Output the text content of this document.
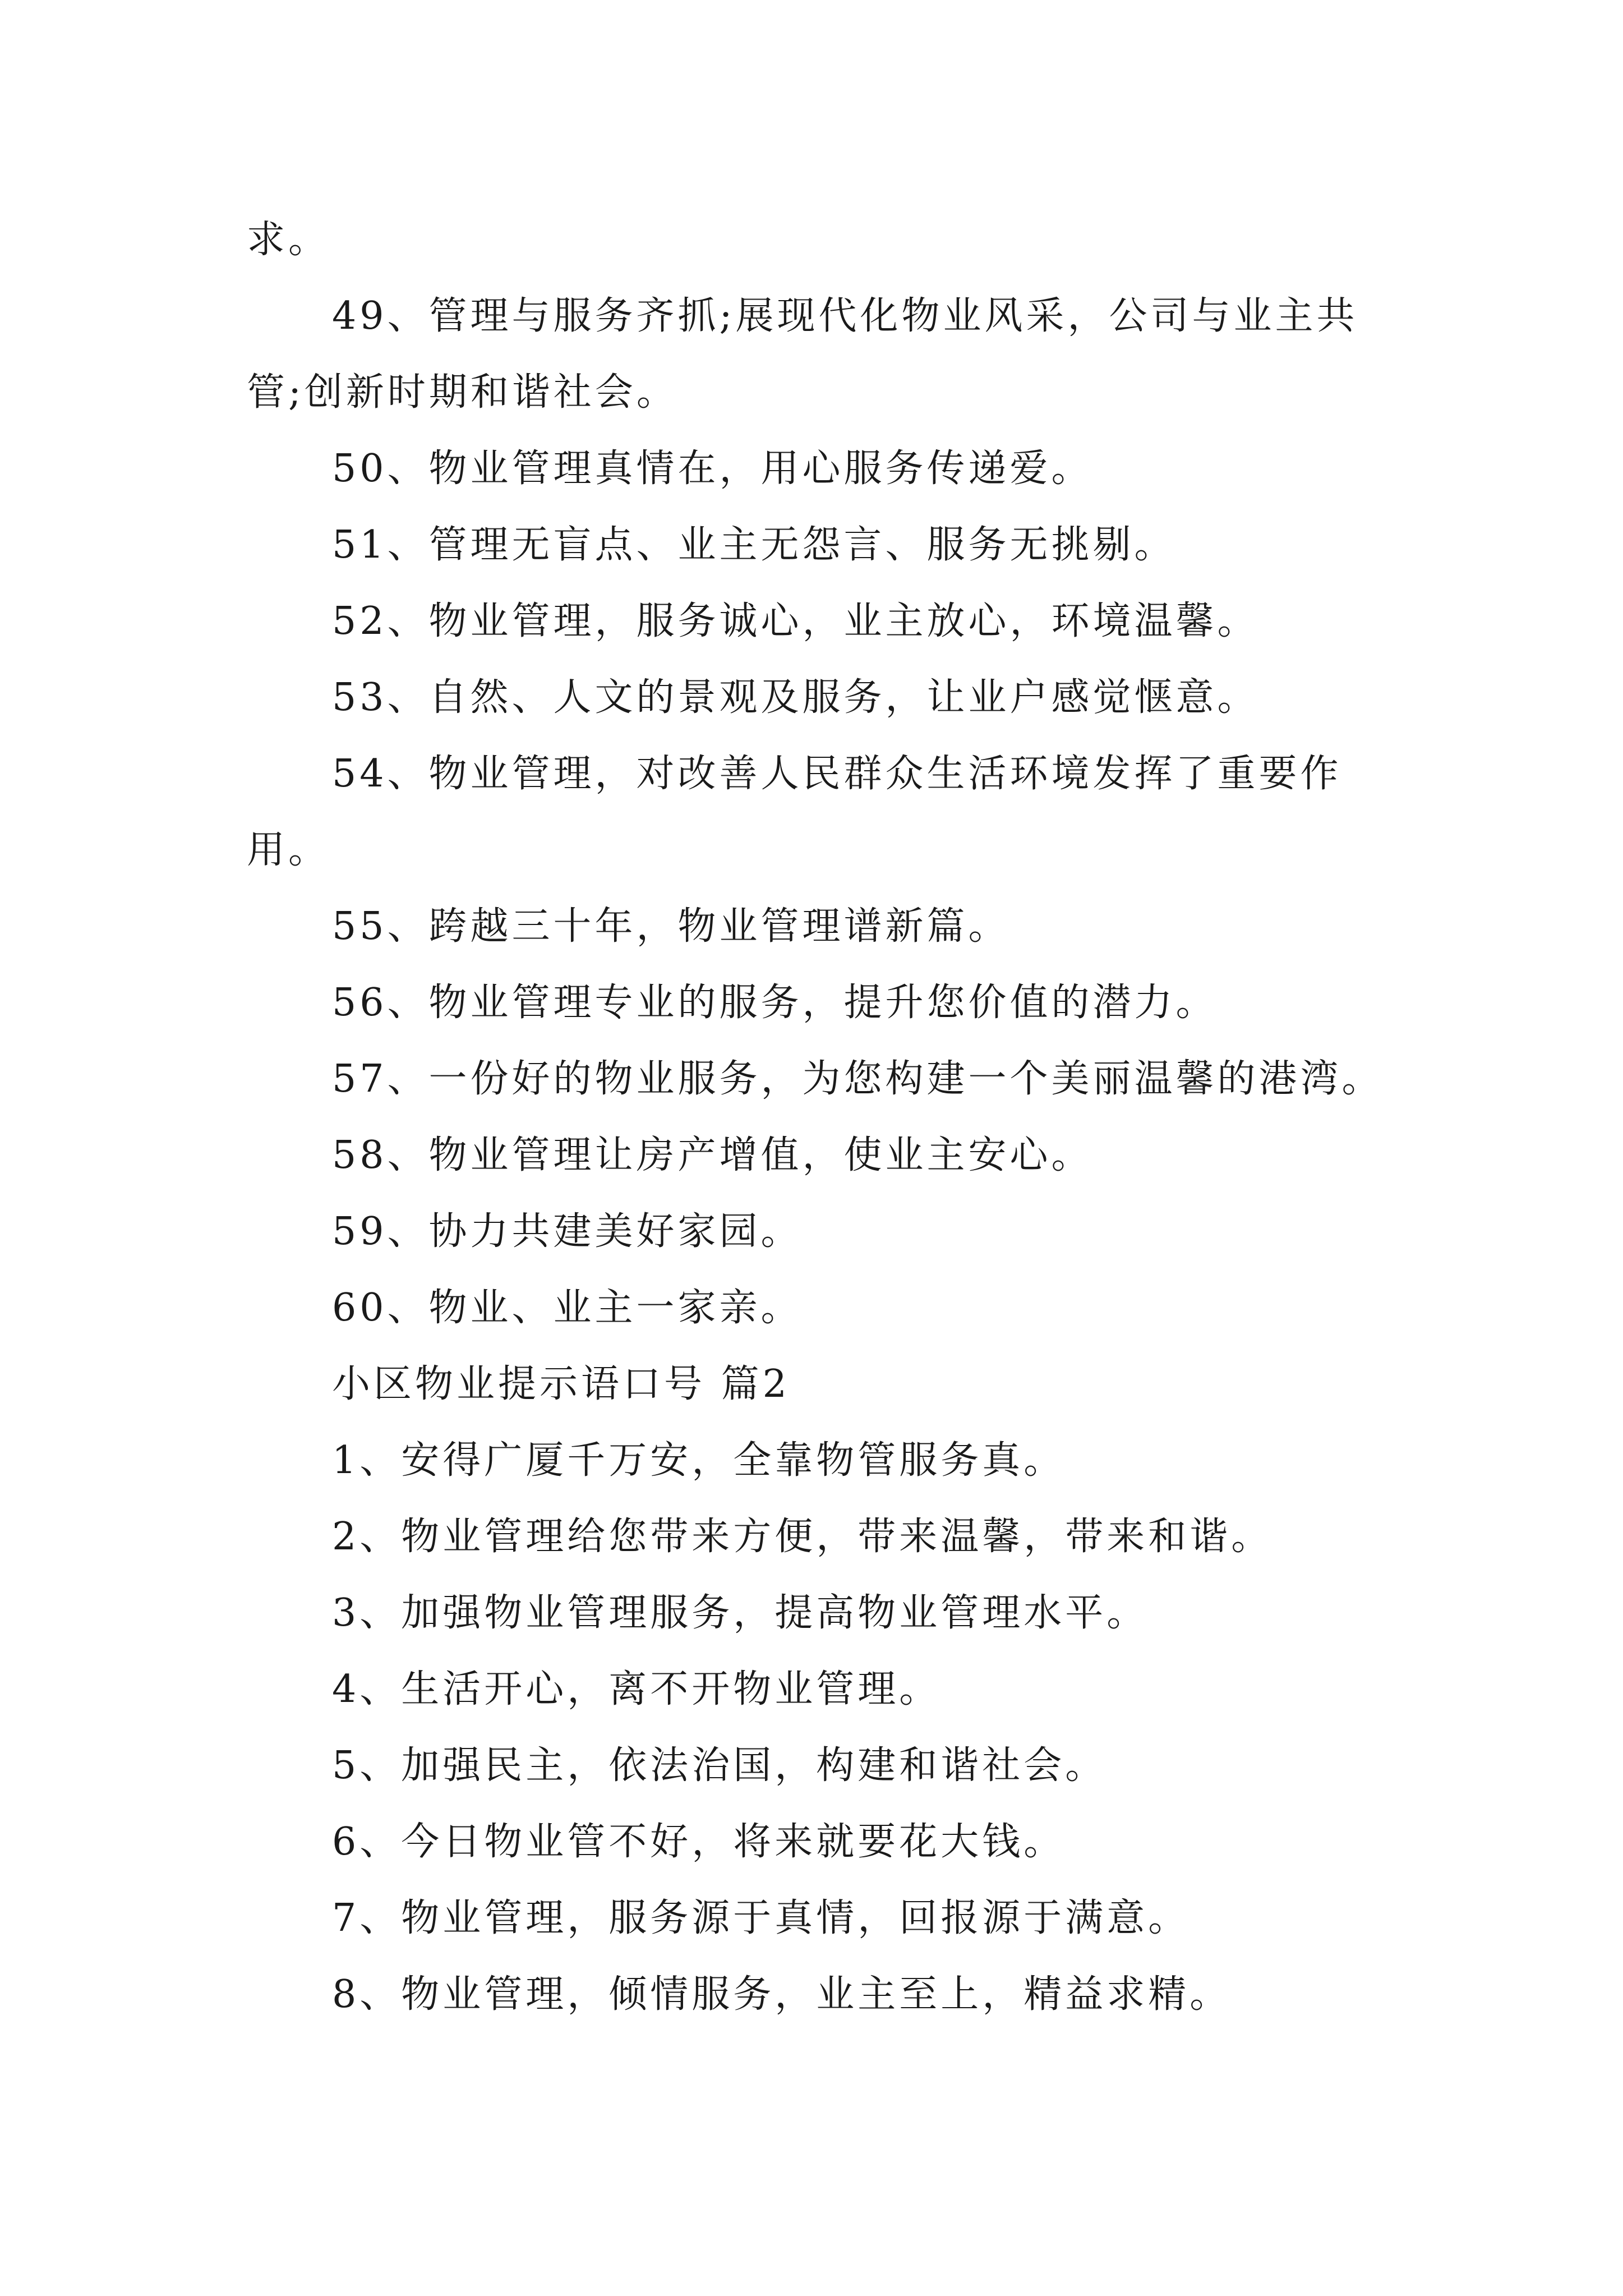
求。

49、管理与服务齐抓;展现代化物业风采，公司与业主共管;创新时期和谐社会。

50、物业管理真情在，用心服务传递爱。

51、管理无盲点、业主无怨言、服务无挑剔。

52、物业管理，服务诚心，业主放心，环境温馨。

53、自然、人文的景观及服务，让业户感觉惬意。

54、物业管理，对改善人民群众生活环境发挥了重要作用。

55、跨越三十年，物业管理谱新篇。

56、物业管理专业的服务，提升您价值的潜力。

57、一份好的物业服务，为您构建一个美丽温馨的港湾。

58、物业管理让房产增值，使业主安心。

59、协力共建美好家园。

60、物业、业主一家亲。

小区物业提示语口号 篇2

1、安得广厦千万安，全靠物管服务真。

2、物业管理给您带来方便，带来温馨，带来和谐。

3、加强物业管理服务，提高物业管理水平。

4、生活开心，离不开物业管理。

5、加强民主，依法治国，构建和谐社会。

6、今日物业管不好，将来就要花大钱。

7、物业管理，服务源于真情，回报源于满意。

8、物业管理，倾情服务，业主至上，精益求精。
